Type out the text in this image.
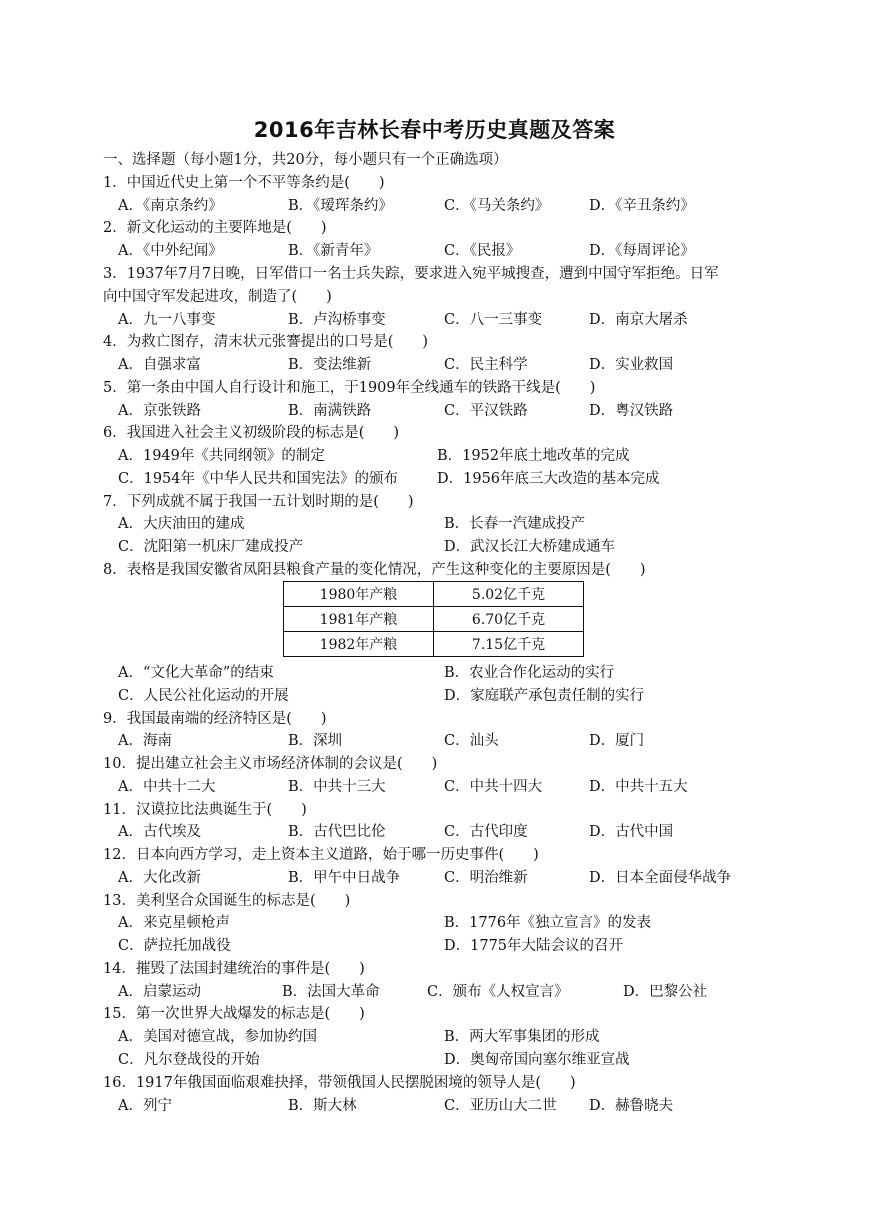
2016年吉林长春中考历史真题及答案
一、选择题（每小题1分，共20分，每小题只有一个正确选项）
1．中国近代史上第一个不平等条约是(　　)
A．《南京条约》	B．《瑷珲条约》	C．《马关条约》	D．《辛丑条约》
2．新文化运动的主要阵地是(　　)
A．《中外纪闻》	B．《新青年》	C．《民报》	D．《每周评论》
3．1937年7月7日晚，日军借口一名士兵失踪，要求进入宛平城搜查，遭到中国守军拒绝。日军
向中国守军发起进攻，制造了(　　)
A．九一八事变	B．卢沟桥事变	C．八一三事变	D．南京大屠杀
4．为救亡图存，清末状元张謇提出的口号是(　　)
A．自强求富	B．变法维新	C．民主科学	D．实业救国
5．第一条由中国人自行设计和施工，于1909年全线通车的铁路干线是(　　)
A．京张铁路	B．南满铁路	C．平汉铁路	D．粤汉铁路
6．我国进入社会主义初级阶段的标志是(　　)
A．1949年《共同纲领》的制定	B．1952年底土地改革的完成
C．1954年《中华人民共和国宪法》的颁布	D．1956年底三大改造的基本完成
7．下列成就不属于我国一五计划时期的是(　　)
A．大庆油田的建成	B．长春一汽建成投产
C．沈阳第一机床厂建成投产	D．武汉长江大桥建成通车
8．表格是我国安徽省凤阳县粮食产量的变化情况，产生这种变化的主要原因是(　　)
1980年产粮	5.02亿千克
1981年产粮	6.70亿千克
1982年产粮	7.15亿千克
A．“文化大革命”的结束	B．农业合作化运动的实行
C．人民公社化运动的开展	D．家庭联产承包责任制的实行
9．我国最南端的经济特区是(　　)
A．海南	B．深圳	C．汕头	D．厦门
10．提出建立社会主义市场经济体制的会议是(　　)
A．中共十二大	B．中共十三大	C．中共十四大	D．中共十五大
11．汉谟拉比法典诞生于(　　)
A．古代埃及	B．古代巴比伦	C．古代印度	D．古代中国
12．日本向西方学习，走上资本主义道路，始于哪一历史事件(　　)
A．大化改新	B．甲午中日战争	C．明治维新	D．日本全面侵华战争
13．美利坚合众国诞生的标志是(　　)
A．来克星顿枪声	B．1776年《独立宣言》的发表
C．萨拉托加战役	D．1775年大陆会议的召开
14．摧毁了法国封建统治的事件是(　　)
A．启蒙运动	B．法国大革命	C．颁布《人权宣言》	D．巴黎公社
15．第一次世界大战爆发的标志是(　　)
A．美国对德宣战，参加协约国	B．两大军事集团的形成
C．凡尔登战役的开始	D．奥匈帝国向塞尔维亚宣战
16．1917年俄国面临艰难抉择，带领俄国人民摆脱困境的领导人是(　　)
A．列宁	B．斯大林	C．亚历山大二世 D．赫鲁晓夫
